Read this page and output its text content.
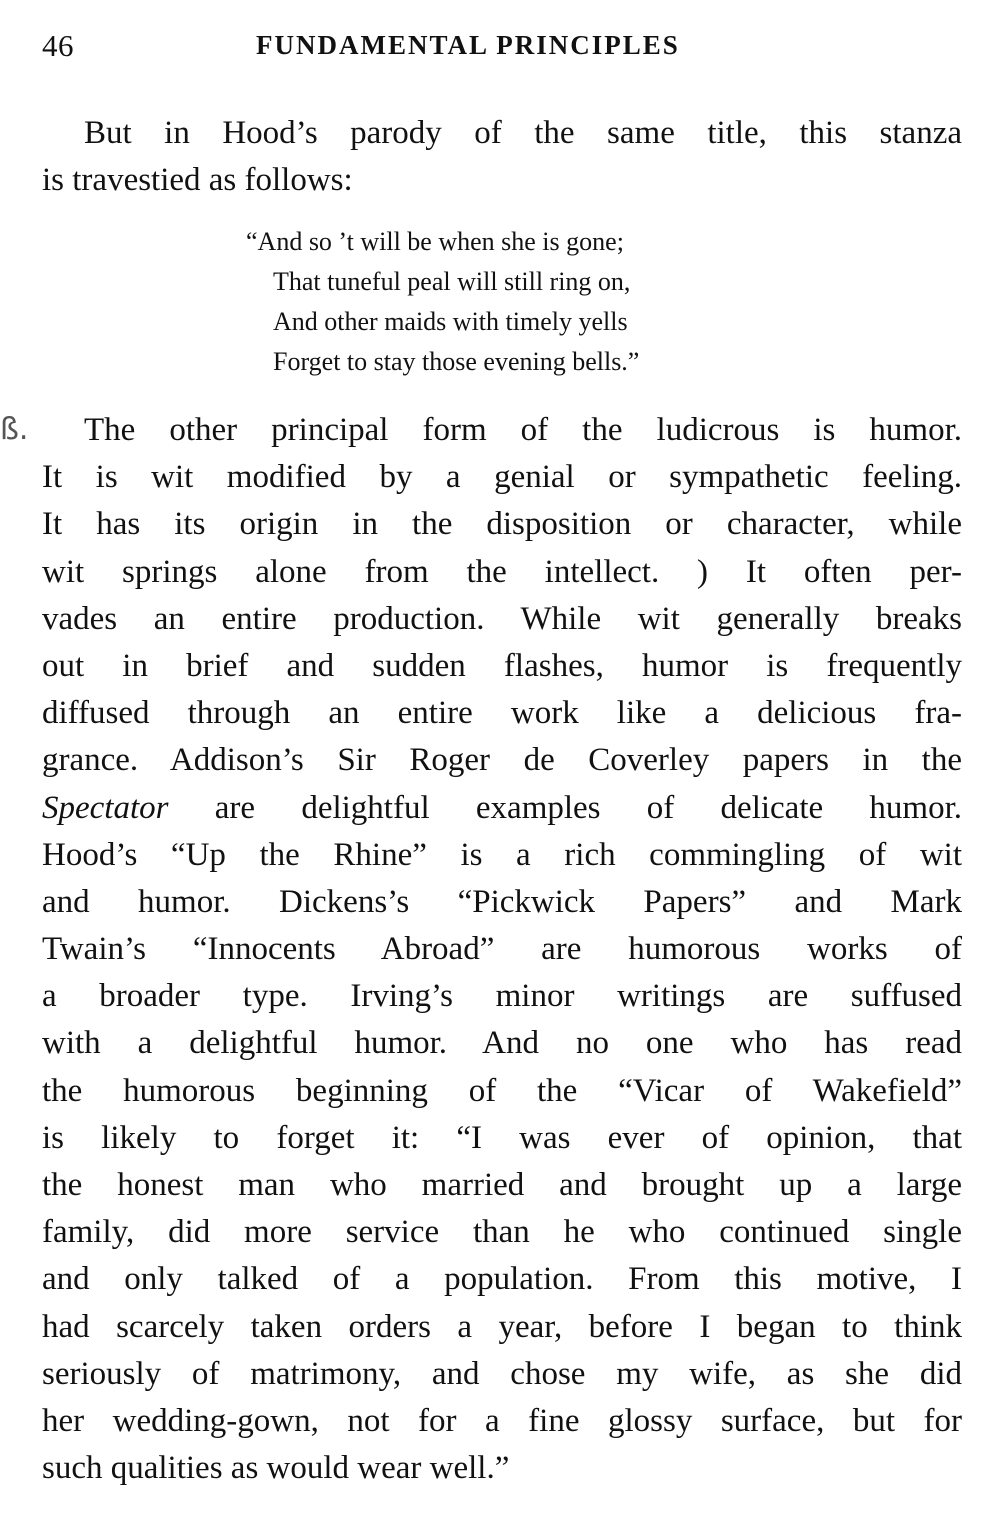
46	FUNDAMENTAL PRINCIPLES
But in Hood’s parody of the same title, this stanza
is travestied as follows:
“And so ’t will be when she is gone;
That tuneful peal will still ring on,
And other maids with timely yells
Forget to stay those evening bells.”
ß.	The other principal form of the ludicrous is humor.
It is wit modified by a genial or sympathetic feeling.
It has its origin in the disposition or character, while
wit springs alone from the intellect. ) It often per-
vades an entire production. While wit generally breaks
out in brief and sudden flashes, humor is frequently
diffused through an entire work like a delicious fra-
grance. Addison’s Sir Roger de Coverley papers in the
Spectator are delightful examples of delicate humor.
Hood’s “Up the Rhine” is a rich commingling of wit
and humor. Dickens’s “Pickwick Papers” and Mark
Twain’s “Innocents Abroad” are humorous works of
a broader type. Irving’s minor writings are suffused
with a delightful humor. And no one who has read
the humorous beginning of the “Vicar of Wakefield”
is likely to forget it: “I was ever of opinion, that
the honest man who married and brought up a large
family, did more service than he who continued single
and only talked of a population. From this motive, I
had scarcely taken orders a year, before I began to think
seriously of matrimony, and chose my wife, as she did
her wedding-gown, not for a fine glossy surface, but for
such qualities as would wear well.”
